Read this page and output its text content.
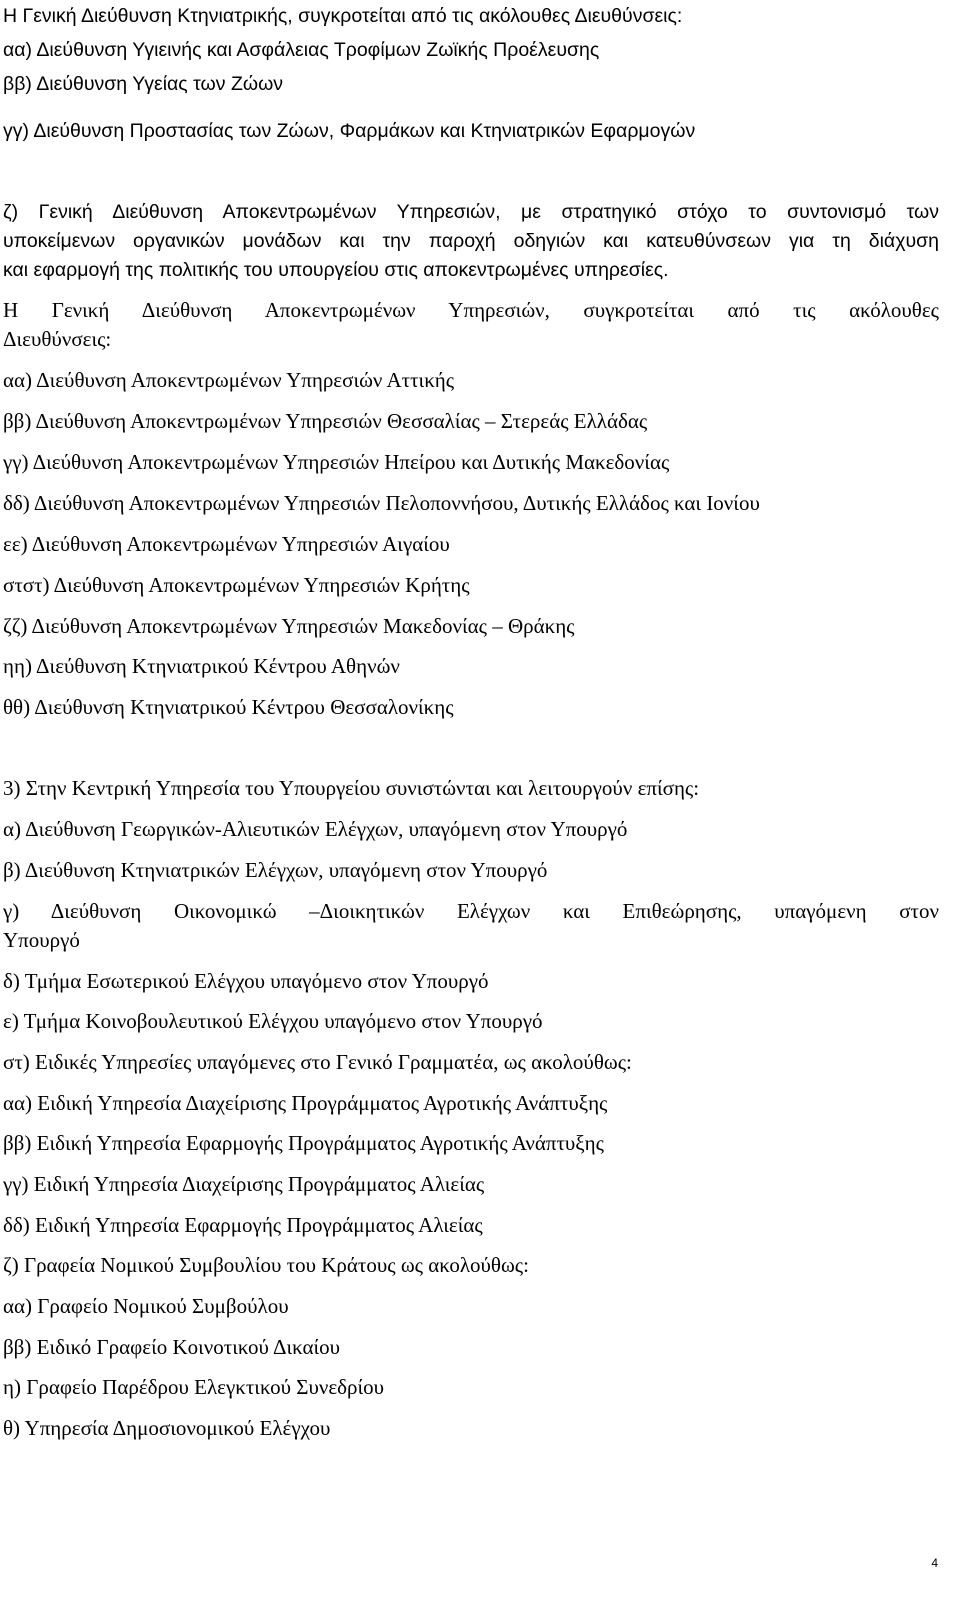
Η Γενική Διεύθυνση Κτηνιατρικής, συγκροτείται από τις ακόλουθες Διευθύνσεις:

αα) Διεύθυνση Υγιεινής και Ασφάλειας Τροφίμων Ζωϊκής Προέλευσης

ββ) Διεύθυνση Υγείας των Ζώων

γγ) Διεύθυνση Προστασίας των Ζώων, Φαρμάκων και Κτηνιατρικών Εφαρμογών

ζ) Γενική Διεύθυνση Αποκεντρωμένων Υπηρεσιών, με στρατηγικό στόχο το συντονισμό των

υποκείμενων οργανικών μονάδων και την παροχή οδηγιών και κατευθύνσεων για τη διάχυση

και εφαρμογή της πολιτικής του υπουργείου στις αποκεντρωμένες υπηρεσίες.

Η Γενική Διεύθυνση Αποκεντρωμένων Υπηρεσιών, συγκροτείται από τις ακόλουθες

Διευθύνσεις:

αα) Διεύθυνση Αποκεντρωμένων Υπηρεσιών Αττικής

ββ) Διεύθυνση Αποκεντρωμένων Υπηρεσιών Θεσσαλίας – Στερεάς Ελλάδας

γγ) Διεύθυνση Αποκεντρωμένων Υπηρεσιών Ηπείρου και Δυτικής Μακεδονίας

δδ) Διεύθυνση Αποκεντρωμένων Υπηρεσιών Πελοποννήσου, Δυτικής Ελλάδος και Ιονίου

εε) Διεύθυνση Αποκεντρωμένων Υπηρεσιών Αιγαίου

στστ) Διεύθυνση Αποκεντρωμένων Υπηρεσιών Κρήτης

ζζ) Διεύθυνση Αποκεντρωμένων Υπηρεσιών Μακεδονίας – Θράκης

ηη) Διεύθυνση Κτηνιατρικού Κέντρου Αθηνών

θθ) Διεύθυνση Κτηνιατρικού Κέντρου Θεσσαλονίκης

3) Στην Κεντρική Υπηρεσία του Υπουργείου συνιστώνται και λειτουργούν επίσης:

α) Διεύθυνση Γεωργικών-Αλιευτικών Ελέγχων, υπαγόμενη στον Υπουργό

β) Διεύθυνση Κτηνιατρικών Ελέγχων, υπαγόμενη στον Υπουργό

γ) Διεύθυνση Οικονομικώ –Διοικητικών Ελέγχων και Επιθεώρησης, υπαγόμενη στον

Υπουργό

δ) Τμήμα Εσωτερικού Ελέγχου υπαγόμενο στον Υπουργό

ε) Τμήμα Κοινοβουλευτικού Ελέγχου υπαγόμενο στον Υπουργό

στ) Ειδικές Υπηρεσίες υπαγόμενες στο Γενικό Γραμματέα, ως ακολούθως:

αα) Ειδική Υπηρεσία Διαχείρισης Προγράμματος Αγροτικής Ανάπτυξης

ββ) Ειδική Υπηρεσία Εφαρμογής Προγράμματος Αγροτικής Ανάπτυξης

γγ) Ειδική Υπηρεσία Διαχείρισης Προγράμματος Αλιείας

δδ) Ειδική Υπηρεσία Εφαρμογής Προγράμματος Αλιείας

ζ) Γραφεία Νομικού Συμβουλίου του Κράτους ως ακολούθως:

αα) Γραφείο Νομικού Συμβούλου

ββ) Ειδικό Γραφείο Κοινοτικού Δικαίου

η) Γραφείο Παρέδρου Ελεγκτικού Συνεδρίου

θ) Υπηρεσία Δημοσιονομικού Ελέγχου

4
